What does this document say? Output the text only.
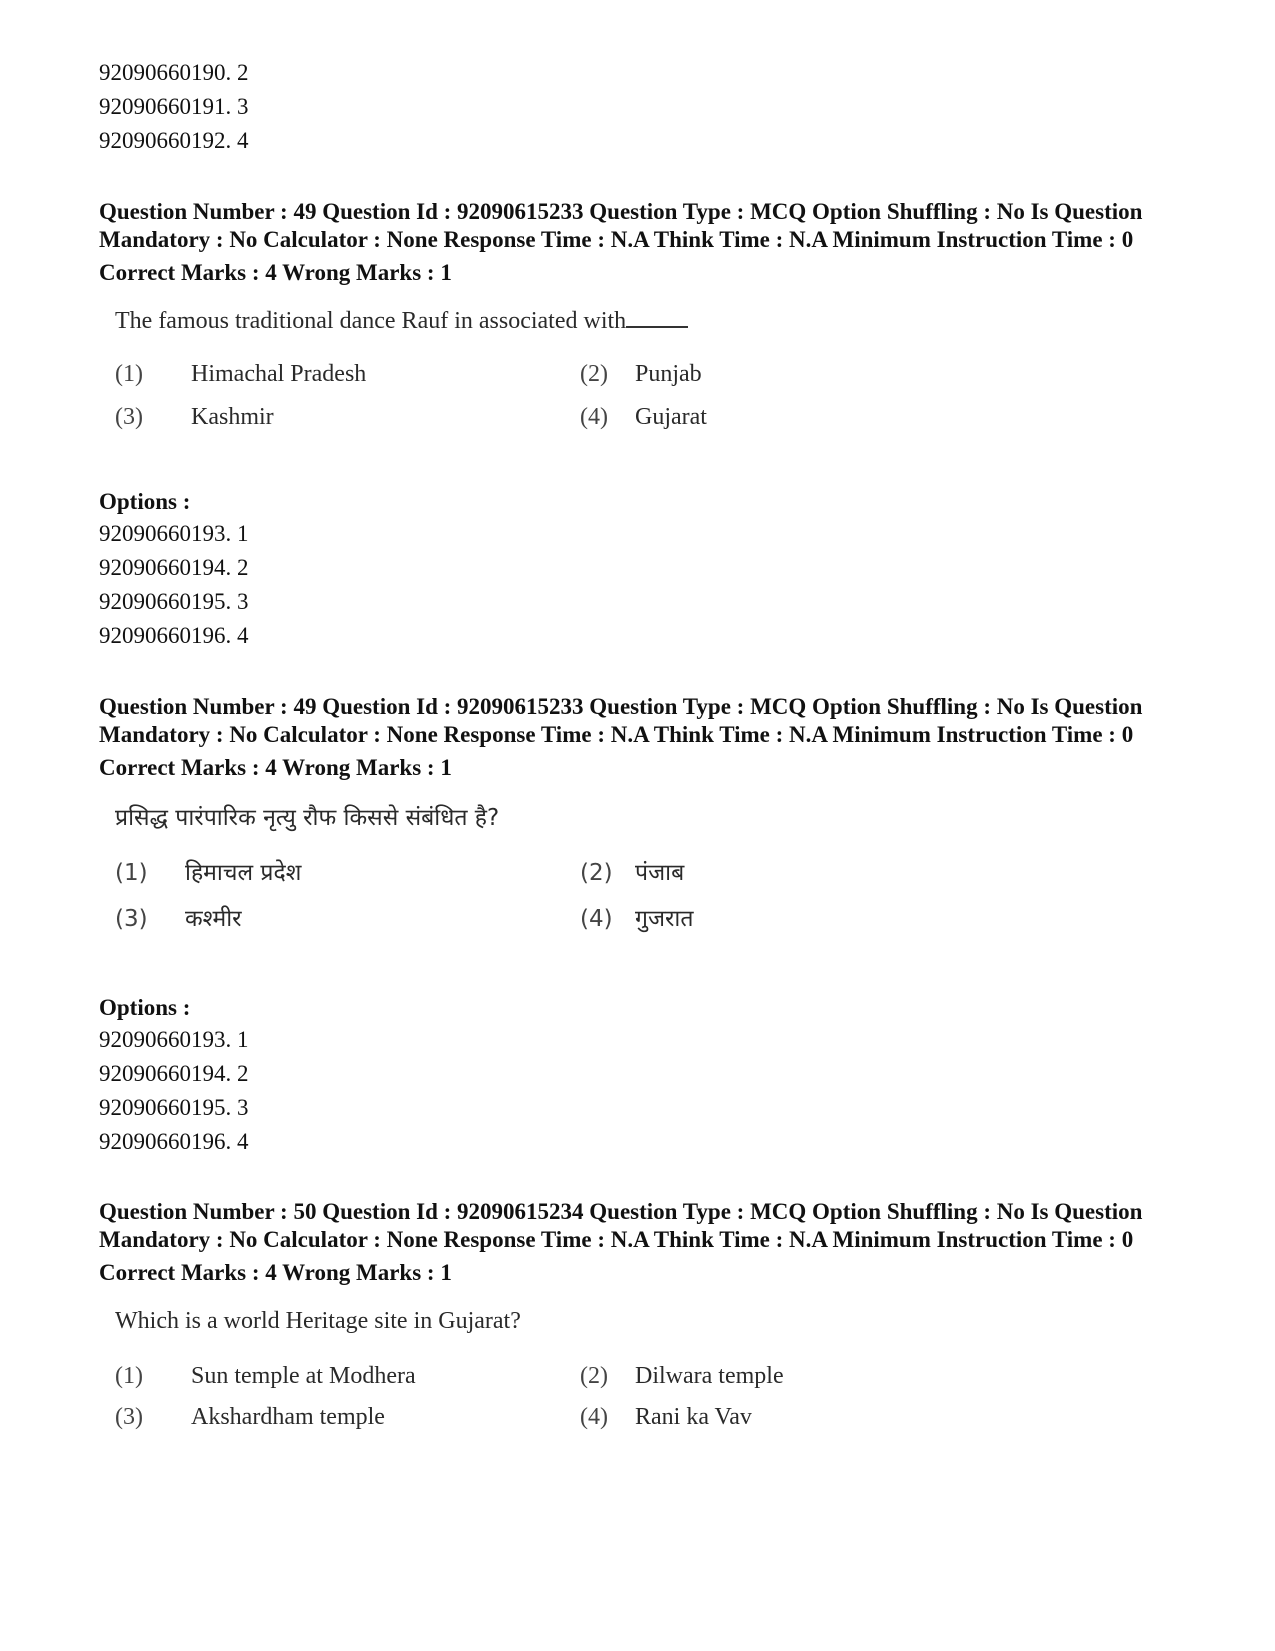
92090660190. 2
92090660191. 3
92090660192. 4
Question Number : 49 Question Id : 92090615233 Question Type : MCQ Option Shuffling : No Is Question Mandatory : No Calculator : None Response Time : N.A Think Time : N.A Minimum Instruction Time : 0
Correct Marks : 4 Wrong Marks : 1
The famous traditional dance Rauf in associated with
(1) Himachal Pradesh	(2) Punjab
(3) Kashmir	(4) Gujarat
Options :
92090660193. 1
92090660194. 2
92090660195. 3
92090660196. 4
Question Number : 49 Question Id : 92090615233 Question Type : MCQ Option Shuffling : No Is Question Mandatory : No Calculator : None Response Time : N.A Think Time : N.A Minimum Instruction Time : 0
Correct Marks : 4 Wrong Marks : 1
प्रसिद्ध पारंपारिक नृत्यु रौफ किससे संबंधित है?
(1) हिमाचल प्रदेश	(2) पंजाब
(3) कश्मीर	(4) गुजरात
Options :
92090660193. 1
92090660194. 2
92090660195. 3
92090660196. 4
Question Number : 50 Question Id : 92090615234 Question Type : MCQ Option Shuffling : No Is Question Mandatory : No Calculator : None Response Time : N.A Think Time : N.A Minimum Instruction Time : 0
Correct Marks : 4 Wrong Marks : 1
Which is a world Heritage site in Gujarat?
(1) Sun temple at Modhera	(2) Dilwara temple
(3) Akshardham temple	(4) Rani ka Vav
